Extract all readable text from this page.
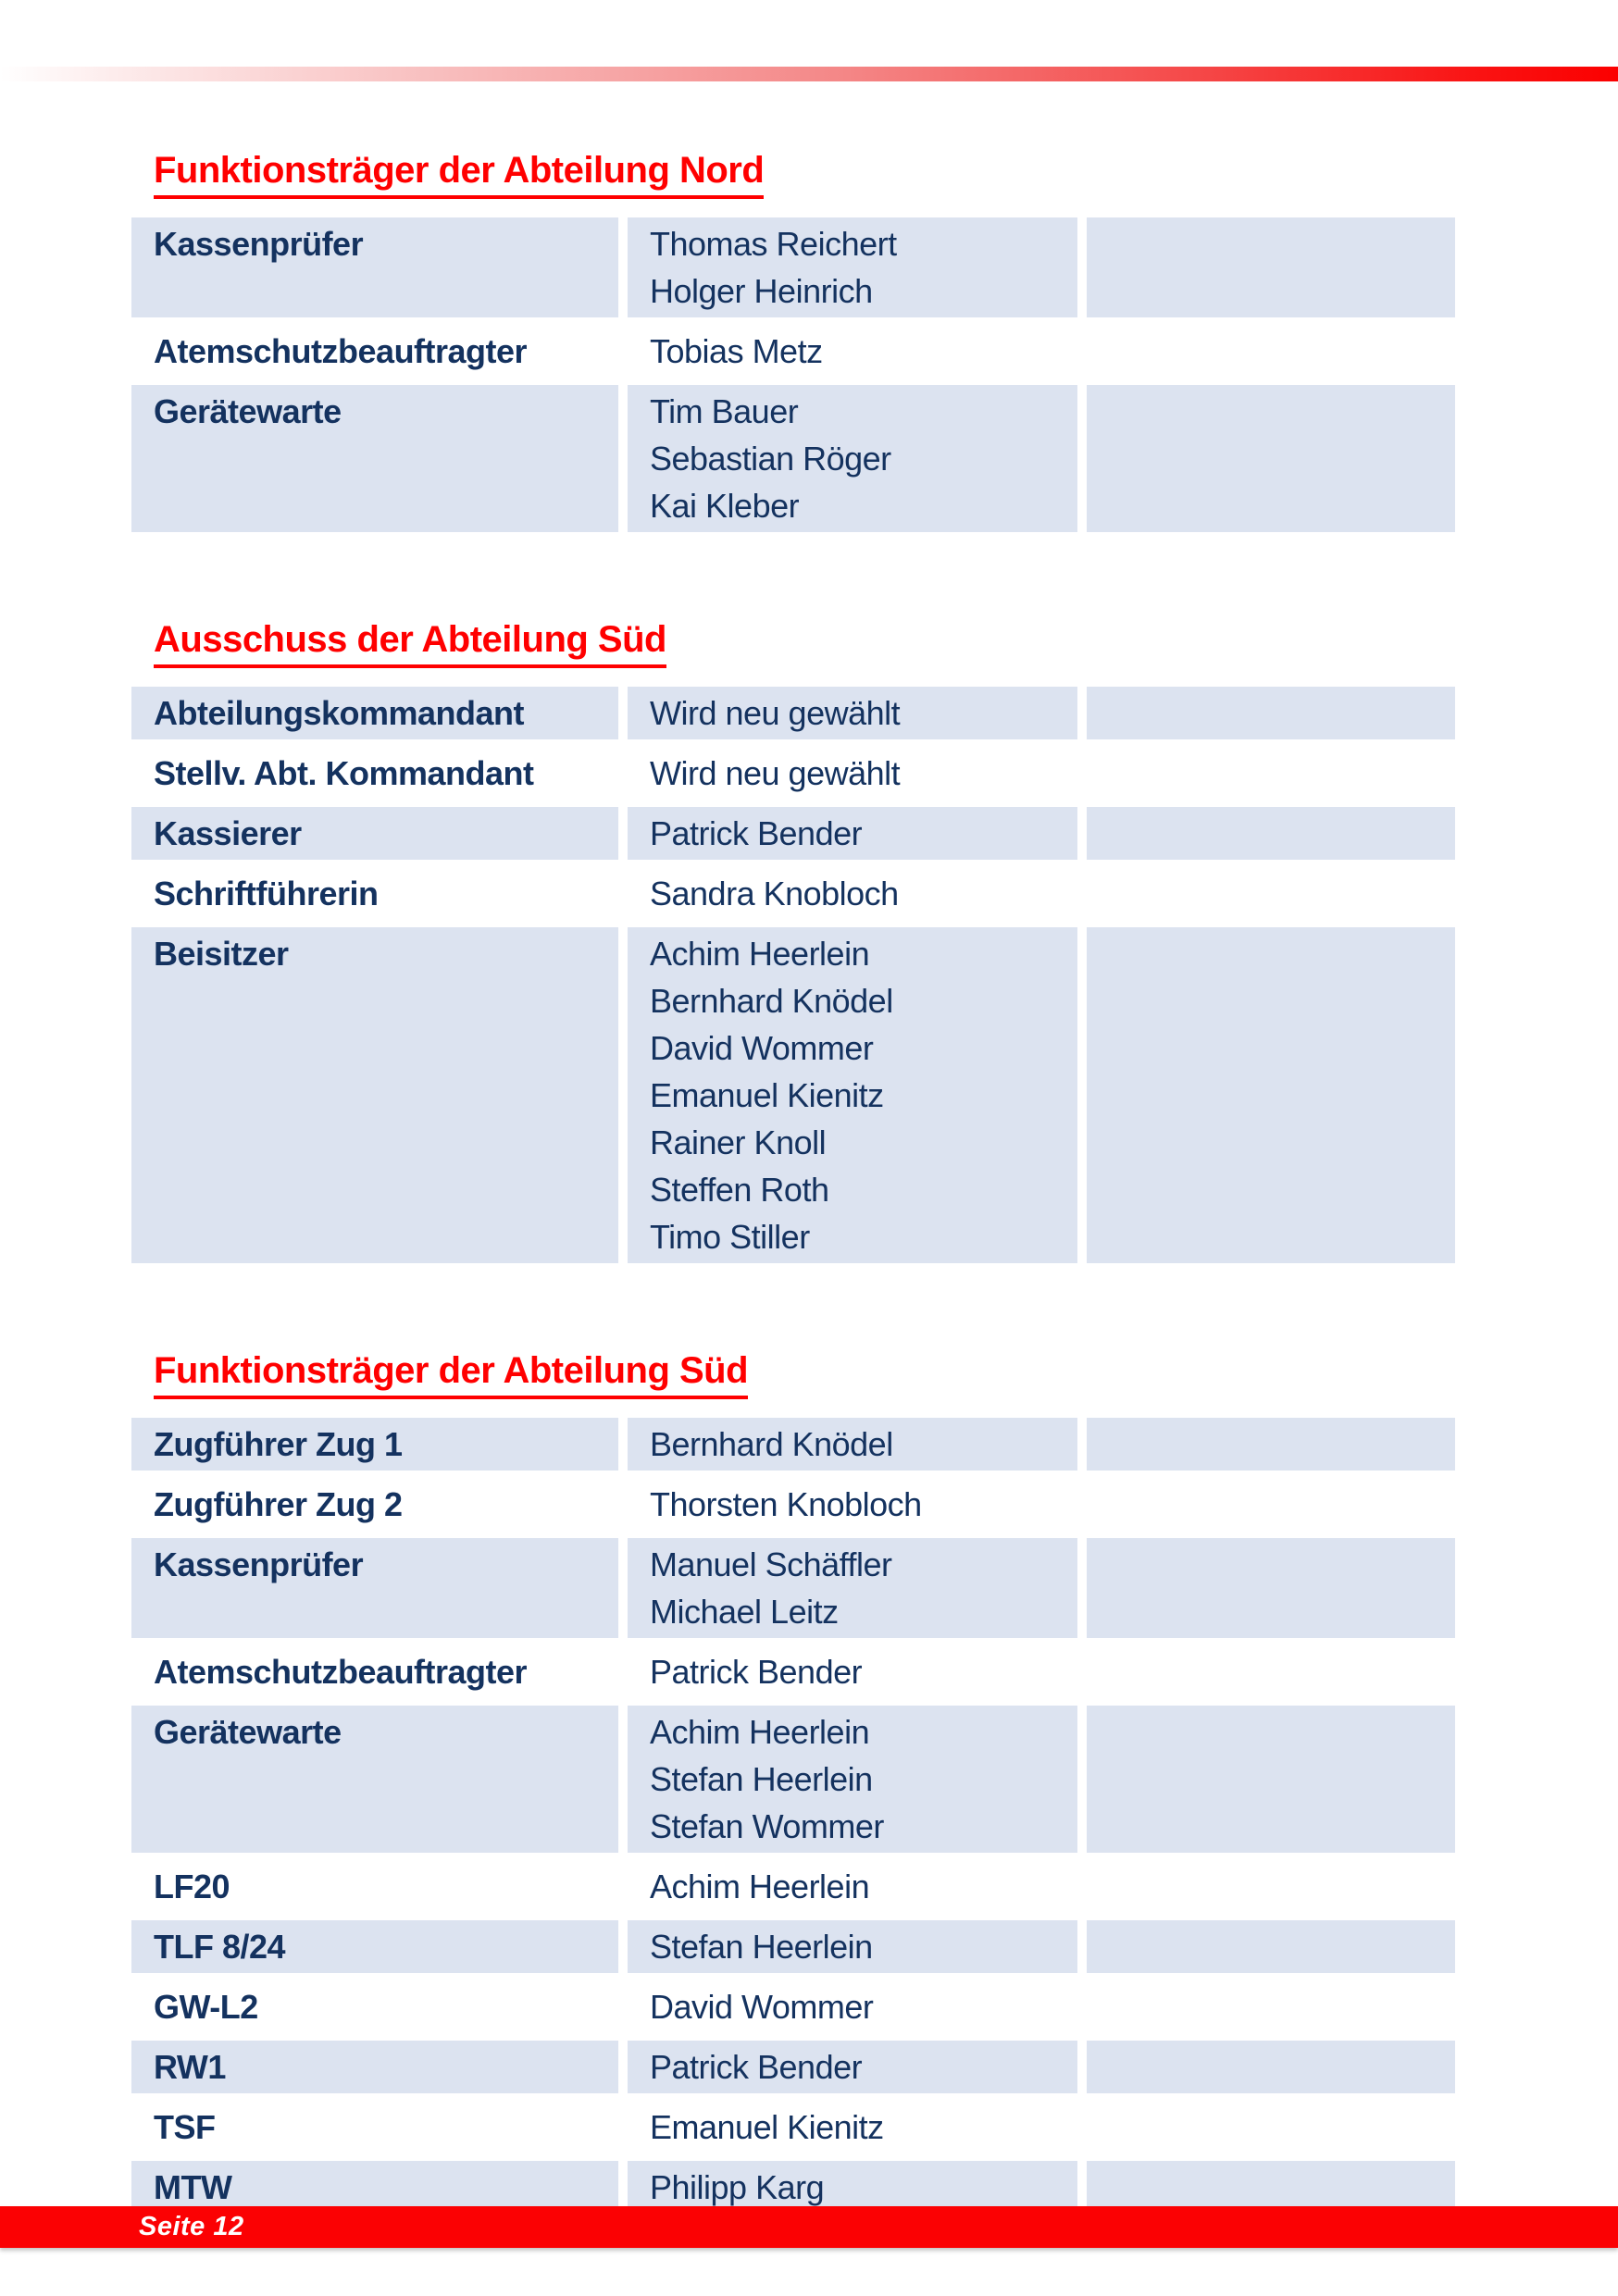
Funktionsträger der Abteilung Nord
Kassenprüfer	Thomas Reichert
Holger Heinrich
Atemschutzbeauftragter	Tobias Metz
Gerätewarte	Tim Bauer
Sebastian Röger
Kai Kleber
Ausschuss der Abteilung Süd
Abteilungskommandant	Wird neu gewählt
Stellv. Abt. Kommandant	Wird neu gewählt
Kassierer	Patrick Bender
Schriftführerin	Sandra Knobloch
Beisitzer	Achim Heerlein
Bernhard Knödel
David Wommer
Emanuel Kienitz
Rainer Knoll
Steffen Roth
Timo Stiller
Funktionsträger der Abteilung Süd
Zugführer Zug 1	Bernhard Knödel
Zugführer Zug 2	Thorsten Knobloch
Kassenprüfer	Manuel Schäffler
Michael Leitz
Atemschutzbeauftragter	Patrick Bender
Gerätewarte	Achim Heerlein
Stefan Heerlein
Stefan Wommer
LF20	Achim Heerlein
TLF 8/24	Stefan Heerlein
GW-L2	David Wommer
RW1	Patrick Bender
TSF	Emanuel Kienitz
MTW	Philipp Karg
Seite 12
